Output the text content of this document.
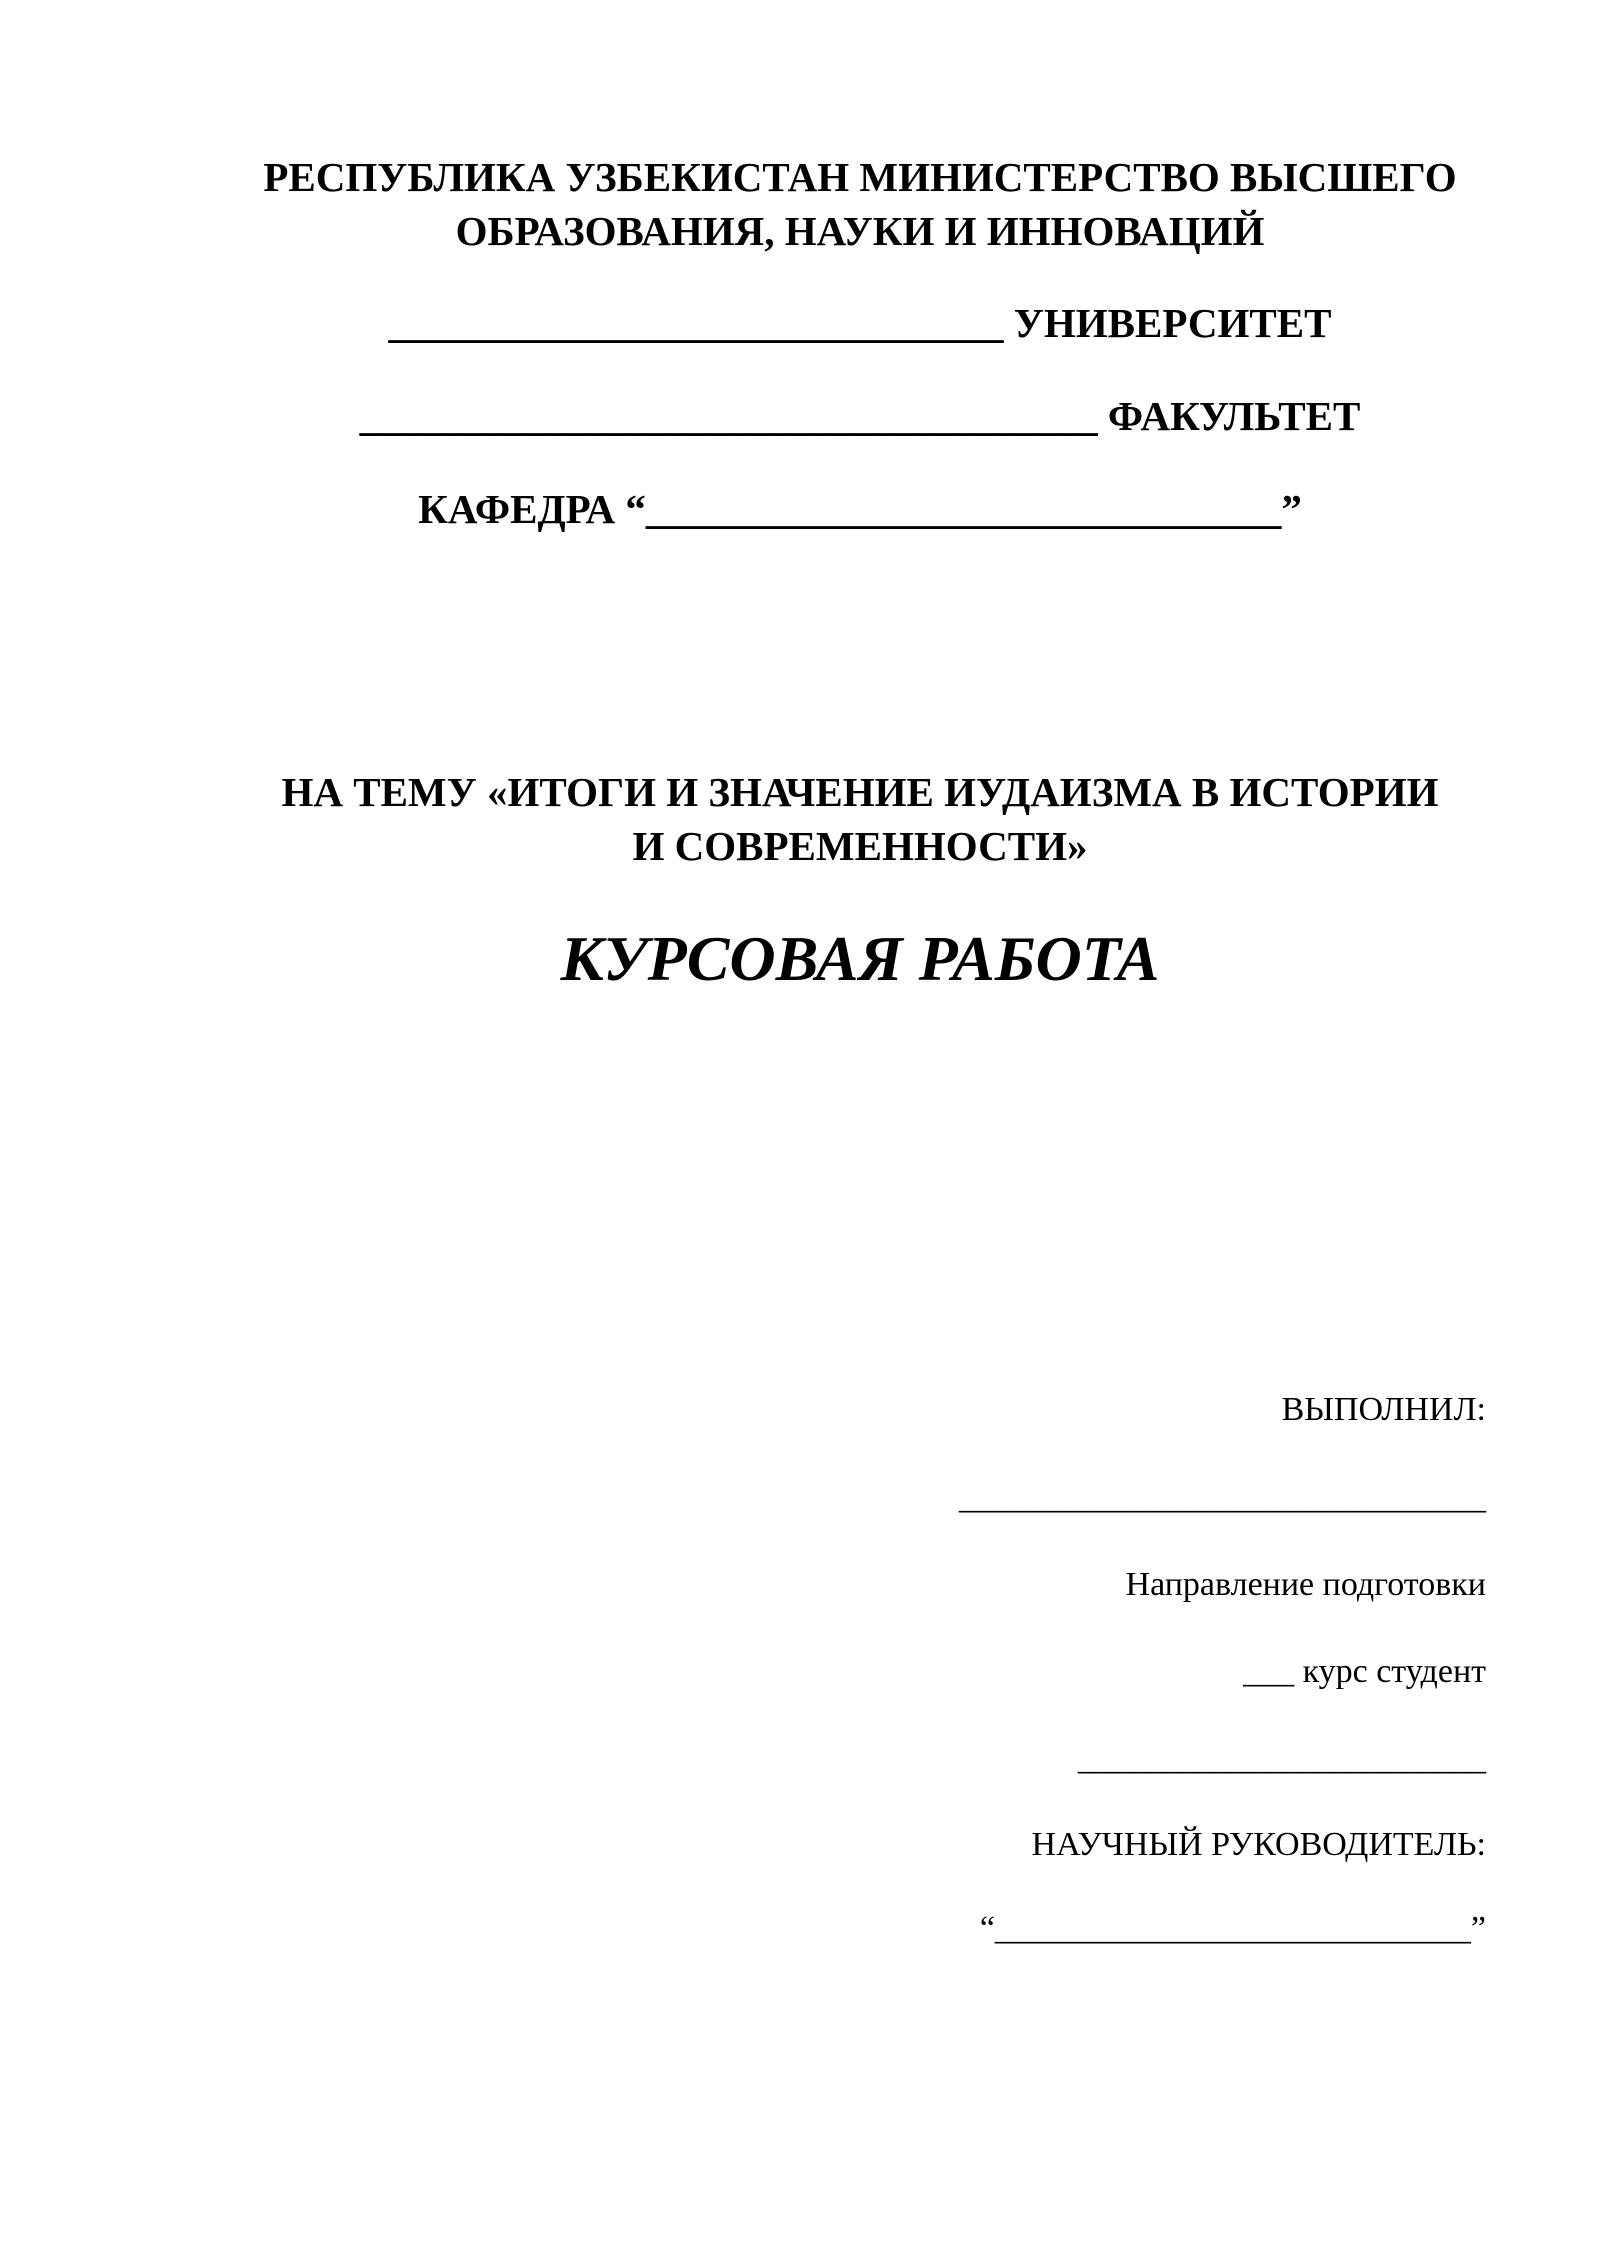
РЕСПУБЛИКА УЗБЕКИСТАН МИНИСТЕРСТВО ВЫСШЕГО
ОБРАЗОВАНИЯ, НАУКИ И ИННОВАЦИЙ
______________________________ УНИВЕРСИТЕТ
____________________________________ ФАКУЛЬТЕТ
КАФЕДРА “_______________________________”
НА ТЕМУ «ИТОГИ И ЗНАЧЕНИЕ ИУДАИЗМА В ИСТОРИИ
И СОВРЕМЕННОСТИ»
КУРСОВАЯ РАБОТА
ВЫПОЛНИЛ:
_______________________________
Направление подготовки
___ курс студент
________________________
НАУЧНЫЙ РУКОВОДИТЕЛЬ:
“____________________________”
